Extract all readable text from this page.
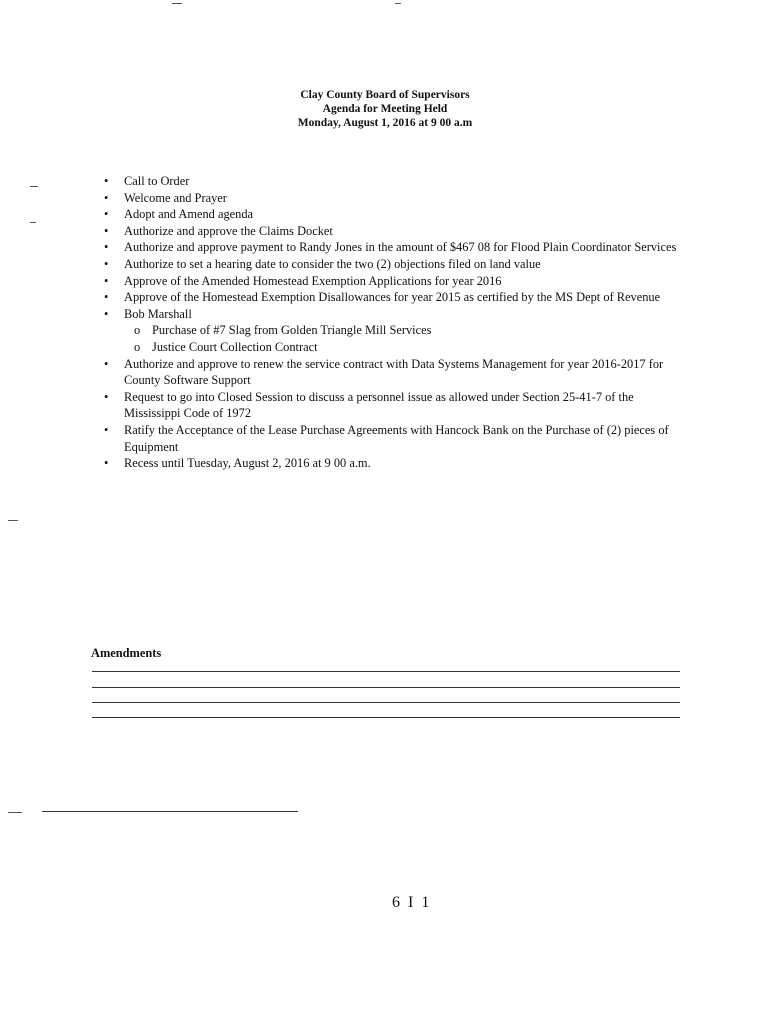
Clay County Board of Supervisors
Agenda for Meeting Held
Monday, August 1, 2016 at 9 00 a.m
• Call to Order
• Welcome and Prayer
• Adopt and Amend agenda
• Authorize and approve the Claims Docket
• Authorize and approve payment to Randy Jones in the amount of $467 08 for Flood Plain Coordinator Services
• Authorize to set a hearing date to consider the two (2) objections filed on land value
• Approve of the Amended Homestead Exemption Applications for year 2016
• Approve of the Homestead Exemption Disallowances for year 2015 as certified by the MS Dept of Revenue
• Bob Marshall
o Purchase of #7 Slag from Golden Triangle Mill Services
o Justice Court Collection Contract
• Authorize and approve to renew the service contract with Data Systems Management for year 2016-2017 for County Software Support
• Request to go into Closed Session to discuss a personnel issue as allowed under Section 25-41-7 of the Mississippi Code of 1972
• Ratify the Acceptance of the Lease Purchase Agreements with Hancock Bank on the Purchase of (2) pieces of Equipment
• Recess until Tuesday, August 2, 2016 at 9 00 a.m.
Amendments
6 I 1
